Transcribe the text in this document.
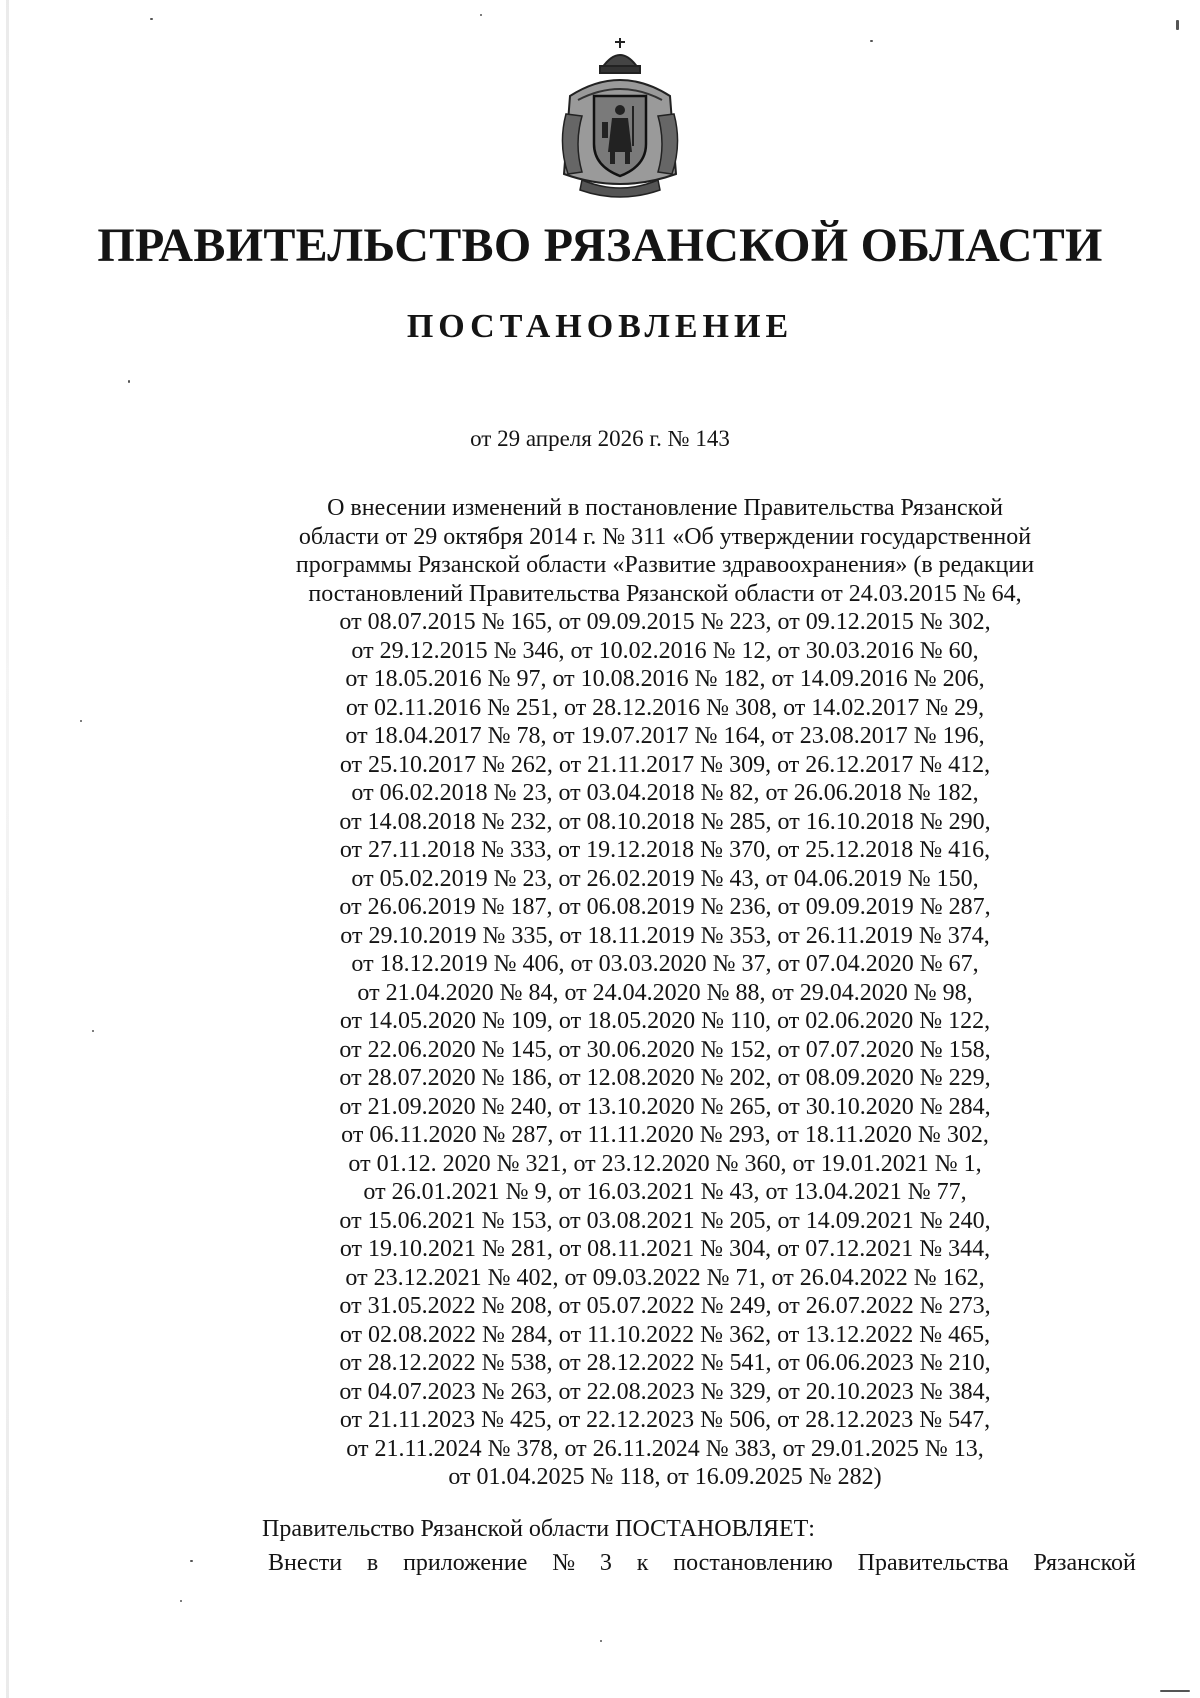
ПРАВИТЕЛЬСТВО РЯЗАНСКОЙ ОБЛАСТИ
ПОСТАНОВЛЕНИЕ
от 29 апреля 2026 г. № 143

О внесении изменений в постановление Правительства Рязанской
области от 29 октября 2014 г. № 311 «Об утверждении государственной
программы Рязанской области «Развитие здравоохранения» (в редакции
постановлений Правительства Рязанской области от 24.03.2015 № 64,
от 08.07.2015 № 165, от 09.09.2015 № 223, от 09.12.2015 № 302,
от 29.12.2015 № 346, от 10.02.2016 № 12, от 30.03.2016 № 60,
от 18.05.2016 № 97, от 10.08.2016 № 182, от 14.09.2016 № 206,
от 02.11.2016 № 251, от 28.12.2016 № 308, от 14.02.2017 № 29,
от 18.04.2017 № 78, от 19.07.2017 № 164, от 23.08.2017 № 196,
от 25.10.2017 № 262, от 21.11.2017 № 309, от 26.12.2017 № 412,
от 06.02.2018 № 23, от 03.04.2018 № 82, от 26.06.2018 № 182,
от 14.08.2018 № 232, от 08.10.2018 № 285, от 16.10.2018 № 290,
от 27.11.2018 № 333, от 19.12.2018 № 370, от 25.12.2018 № 416,
от 05.02.2019 № 23, от 26.02.2019 № 43, от 04.06.2019 № 150,
от 26.06.2019 № 187, от 06.08.2019 № 236, от 09.09.2019 № 287,
от 29.10.2019 № 335, от 18.11.2019 № 353, от 26.11.2019 № 374,
от 18.12.2019 № 406, от 03.03.2020 № 37, от 07.04.2020 № 67,
от 21.04.2020 № 84, от 24.04.2020 № 88, от 29.04.2020 № 98,
от 14.05.2020 № 109, от 18.05.2020 № 110, от 02.06.2020 № 122,
от 22.06.2020 № 145, от 30.06.2020 № 152, от 07.07.2020 № 158,
от 28.07.2020 № 186, от 12.08.2020 № 202, от 08.09.2020 № 229,
от 21.09.2020 № 240, от 13.10.2020 № 265, от 30.10.2020 № 284,
от 06.11.2020 № 287, от 11.11.2020 № 293, от 18.11.2020 № 302,
от 01.12. 2020 № 321, от 23.12.2020 № 360, от 19.01.2021 № 1,
от 26.01.2021 № 9, от 16.03.2021 № 43, от 13.04.2021 № 77,
от 15.06.2021 № 153, от 03.08.2021 № 205, от 14.09.2021 № 240,
от 19.10.2021 № 281, от 08.11.2021 № 304, от 07.12.2021 № 344,
от 23.12.2021 № 402, от 09.03.2022 № 71, от 26.04.2022 № 162,
от 31.05.2022 № 208, от 05.07.2022 № 249, от 26.07.2022 № 273,
от 02.08.2022 № 284, от 11.10.2022 № 362, от 13.12.2022 № 465,
от 28.12.2022 № 538, от 28.12.2022 № 541, от 06.06.2023 № 210,
от 04.07.2023 № 263, от 22.08.2023 № 329, от 20.10.2023 № 384,
от 21.11.2023 № 425, от 22.12.2023 № 506, от 28.12.2023 № 547,
от 21.11.2024 № 378, от 26.11.2024 № 383, от 29.01.2025 № 13,
от 01.04.2025 № 118, от 16.09.2025 № 282)

Правительство Рязанской области ПОСТАНОВЛЯЕТ:
Внести в приложение № 3 к постановлению Правительства Рязанской
